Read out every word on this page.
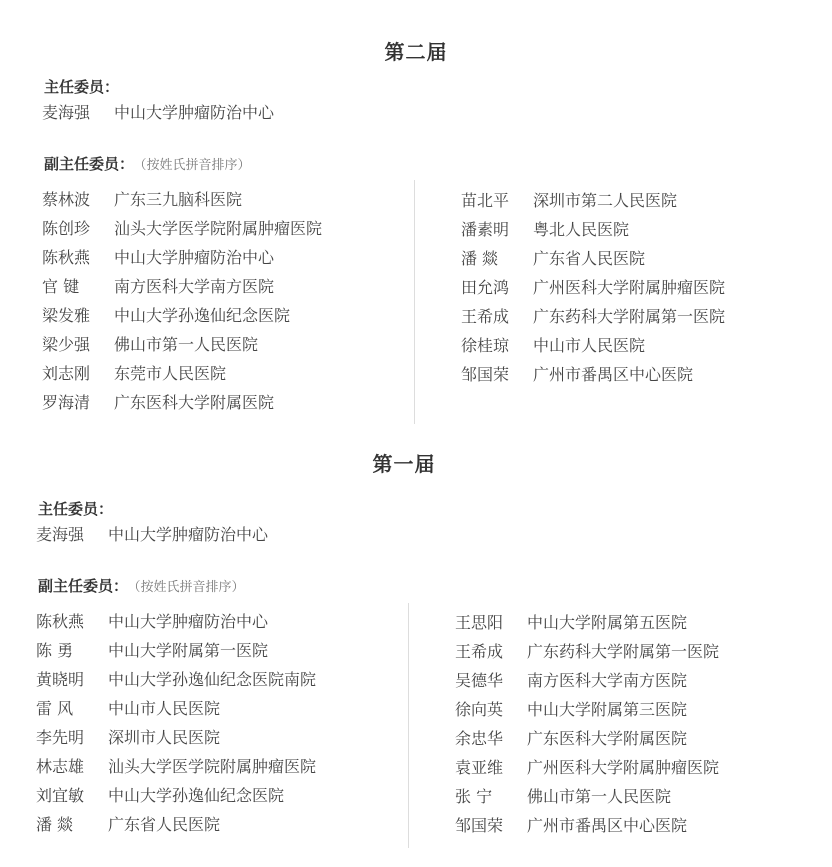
第二届
主任委员：
麦海强 中山大学肿瘤防治中心
副主任委员： （按姓氏拼音排序）
蔡林波 广东三九脑科医院
陈创珍 汕头大学医学院附属肿瘤医院
陈秋燕 中山大学肿瘤防治中心
官 键 南方医科大学南方医院
梁发雅 中山大学孙逸仙纪念医院
梁少强 佛山市第一人民医院
刘志刚 东莞市人民医院
罗海清 广东医科大学附属医院
苗北平 深圳市第二人民医院
潘素明 粤北人民医院
潘 燚 广东省人民医院
田允鸿 广州医科大学附属肿瘤医院
王希成 广东药科大学附属第一医院
徐桂琼 中山市人民医院
邹国荣 广州市番禺区中心医院
第一届
主任委员：
麦海强 中山大学肿瘤防治中心
副主任委员： （按姓氏拼音排序）
陈秋燕 中山大学肿瘤防治中心
陈 勇 中山大学附属第一医院
黄晓明 中山大学孙逸仙纪念医院南院
雷 风 中山市人民医院
李先明 深圳市人民医院
林志雄 汕头大学医学院附属肿瘤医院
刘宜敏 中山大学孙逸仙纪念医院
潘 燚 广东省人民医院
王思阳 中山大学附属第五医院
王希成 广东药科大学附属第一医院
吴德华 南方医科大学南方医院
徐向英 中山大学附属第三医院
余忠华 广东医科大学附属医院
袁亚维 广州医科大学附属肿瘤医院
张 宁 佛山市第一人民医院
邹国荣 广州市番禺区中心医院
